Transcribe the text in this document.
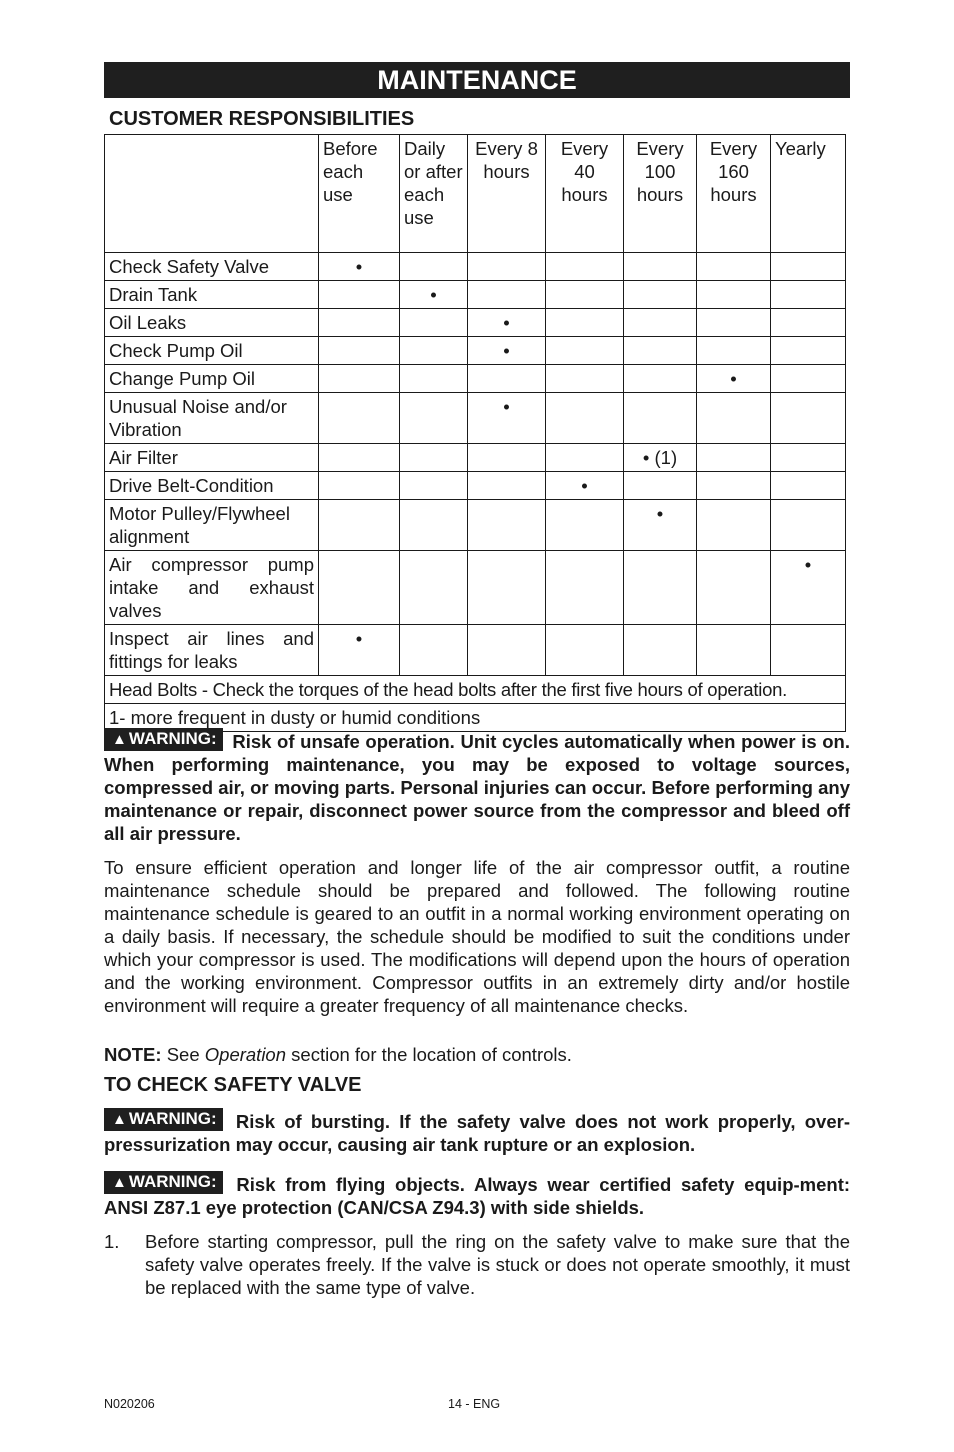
MAINTENANCE
CUSTOMER RESPONSIBILITIES
	Before each use	Daily or after each use	Every 8 hours	Every 40 hours	Every 100 hours	Every 160 hours	Yearly
Check Safety Valve	•						
Drain Tank		•					
Oil Leaks			•				
Check Pump Oil			•				
Change Pump Oil						•	
Unusual Noise and/or Vibration			•				
Air Filter					• (1)		
Drive Belt-Condition				•			
Motor Pulley/Flywheel alignment					•		
Air compressor pump intake and exhaust valves							•
Inspect air lines and fittings for leaks	•						
Head Bolts - Check the torques of the head bolts after the first five hours of operation.							
1- more frequent in dusty or humid conditions							
▲ WARNING: Risk of unsafe operation. Unit cycles automatically when power is on. When performing maintenance, you may be exposed to voltage sources, compressed air, or moving parts. Personal injuries can occur. Before performing any maintenance or repair, disconnect power source from the compressor and bleed off all air pressure.
To ensure efficient operation and longer life of the air compressor outfit, a routine maintenance schedule should be prepared and followed. The following routine maintenance schedule is geared to an outfit in a normal working environment operating on a daily basis. If necessary, the schedule should be modified to suit the conditions under which your compressor is used. The modifications will depend upon the hours of operation and the working environment. Compressor outfits in an extremely dirty and/or hostile environment will require a greater frequency of all maintenance checks.
NOTE: See Operation section for the location of controls.
TO CHECK SAFETY VALVE
▲ WARNING: Risk of bursting. If the safety valve does not work properly, over-pressurization may occur, causing air tank rupture or an explosion.
▲ WARNING: Risk from flying objects. Always wear certified safety equip-ment: ANSI Z87.1 eye protection (CAN/CSA Z94.3) with side shields.
1. Before starting compressor, pull the ring on the safety valve to make sure that the safety valve operates freely. If the valve is stuck or does not operate smoothly, it must be replaced with the same type of valve.
N020206	14 - ENG
